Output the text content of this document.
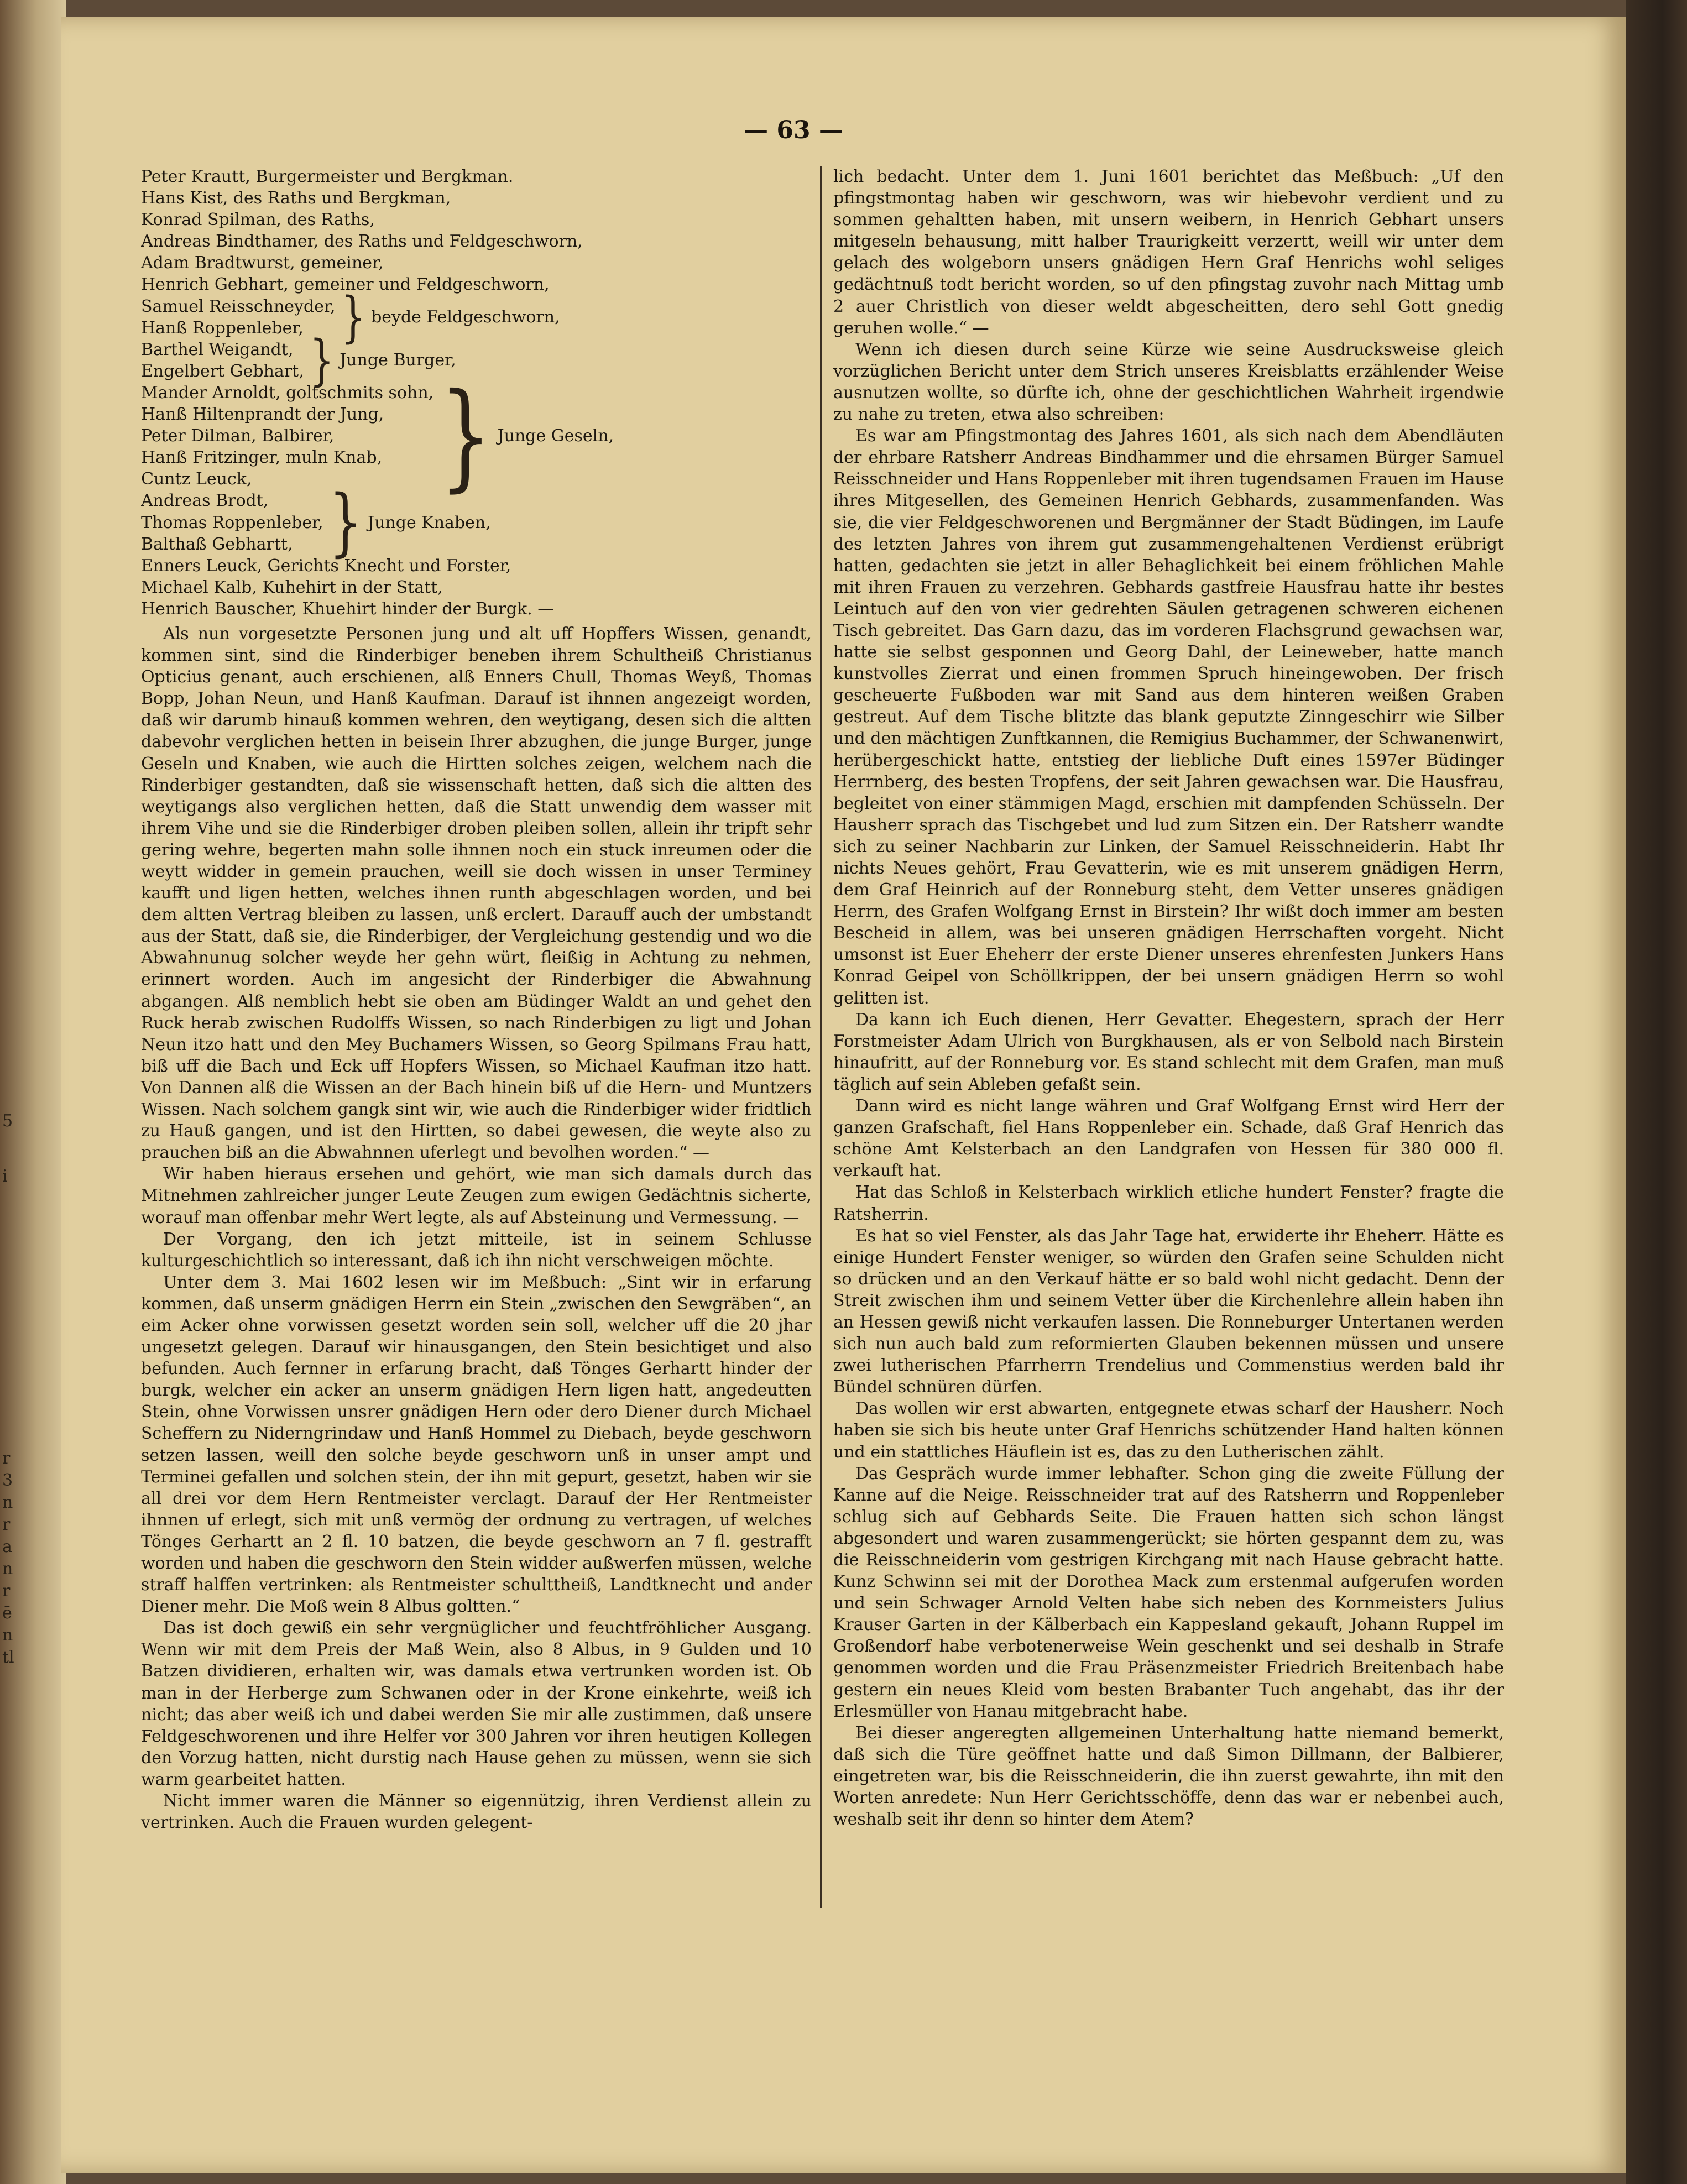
5
i
r
3
n
r
a
n
r
ē
n
tl
— 63 —
Peter Krautt, Burgermeister und Bergkman.
Hans Kist, des Raths und Bergkman,
Konrad Spilman, des Raths,
Andreas Bindthamer, des Raths und Feldgeschworn,
Adam Bradtwurst, gemeiner,
Henrich Gebhart, gemeiner und Feldgeschworn,
Samuel Reisschneyder,
Hanß Roppenleber, } beyde Feldgeschworn,
Barthel Weigandt,
Engelbert Gebhart, } Junge Burger,
Mander Arnoldt, goltschmits sohn,
Hanß Hiltenprandt der Jung,
Peter Dilman, Balbirer,
Hanß Fritzinger, muln Knab,
Cuntz Leuck,	} Junge Geseln,
Andreas Brodt,
Thomas Roppenleber,
Balthaß Gebhartt, } Junge Knaben,
Enners Leuck, Gerichts Knecht und Forster,
Michael Kalb, Kuhehirt in der Statt,
Henrich Bauscher, Khuehirt hinder der Burgk. —

Als nun vorgesetzte Personen jung und alt uff Hopffers Wissen, genandt, kommen sint, sind die Rinderbiger beneben ihrem Schultheiß Christianus Opticius genant, auch erschienen, alß Enners Chull, Thomas Weyß, Thomas Bopp, Johan Neun, und Hanß Kaufman. Darauf ist ihnnen angezeigt worden, daß wir darumb hinauß kommen wehren, den weytigang, desen sich die altten dabevohr verglichen hetten in beisein Ihrer abzughen, die junge Burger, junge Geseln und Knaben, wie auch die Hirtten solches zeigen, welchem nach die Rinderbiger gestandten, daß sie wissenschaft hetten, daß sich die altten des weytigangs also verglichen hetten, daß die Statt unwendig dem wasser mit ihrem Vihe und sie die Rinderbiger droben pleiben sollen, allein ihr tripft sehr gering wehre, begerten mahn solle ihnnen noch ein stuck inreumen oder die weytt widder in gemein prauchen, weill sie doch wissen in unser Termineу kaufft und ligen hetten, welches ihnen runth abgeschlagen worden, und bei dem altten Vertrag bleiben zu lassen, unß erclert. Darauff auch der umbstandt aus der Statt, daß sie, die Rinderbiger, der Vergleichung gestendig und wo die Abwahnunug solcher weyde her gehn würt, fleißig in Achtung zu nehmen, erinnert worden. Auch im angesicht der Rinderbiger die Abwahnung abgangen. Alß nemblich hebt sie oben am Büdinger Waldt an und gehet den Ruck herab zwischen Rudolffs Wissen, so nach Rinderbigen zu ligt und Johan Neun itzo hatt und den Mey Buchamers Wissen, so Georg Spilmans Frau hatt, biß uff die Bach und Eck uff Hopfers Wissen, so Michael Kaufman itzo hatt. Von Dannen alß die Wissen an der Bach hinein biß uf die Hern- und Muntzers Wissen. Nach solchem gangk sint wir, wie auch die Rinderbiger wider fridtlich zu Hauß gangen, und ist den Hirtten, so dabei gewesen, die weyte also zu prauchen biß an die Abwahnnen uferlegt und bevolhen worden.“ —

Wir haben hieraus ersehen und gehört, wie man sich damals durch das Mitnehmen zahlreicher junger Leute Zeugen zum ewigen Gedächtnis sicherte, worauf man offenbar mehr Wert legte, als auf Absteinung und Vermessung. —

Der Vorgang, den ich jetzt mitteile, ist in seinem Schlusse kulturgeschichtlich so interessant, daß ich ihn nicht verschweigen möchte.

Unter dem 3. Mai 1602 lesen wir im Meßbuch: „Sint wir in erfarung kommen, daß unserm gnädigen Herrn ein Stein „zwischen den Sewgräben“, an eim Acker ohne vorwissen gesetzt worden sein soll, welcher uff die 20 jhar ungesetzt gelegen. Darauf wir hinausgangen, den Stein besichtiget und also befunden. Auch fernner in erfarung bracht, daß Tönges Gerhartt hinder der burgk, welcher ein acker an unserm gnädigen Hern ligen hatt, angedeutten Stein, ohne Vorwissen unsrer gnädigen Hern oder dero Diener durch Michael Scheffern zu Niderngrindaw und Hanß Hommel zu Diebach, beyde geschworn setzen lassen, weill den solche beyde geschworn unß in unser ampt und Terminei gefallen und solchen stein, der ihn mit gepurt, gesetzt, haben wir sie all drei vor dem Hern Rentmeister verclagt. Darauf der Her Rentmeister ihnnen uf erlegt, sich mit unß vermög der ordnung zu vertragen, uf welches Tönges Gerhartt an 2 fl. 10 batzen, die beyde geschworn an 7 fl. gestrafft worden und haben die geschworn den Stein widder außwerfen müssen, welche straff halffen vertrinken: als Rentmeister schulttheiß, Landtknecht und ander Diener mehr. Die Moß wein 8 Albus goltten.“

Das ist doch gewiß ein sehr vergnüglicher und feuchtfröhlicher Ausgang. Wenn wir mit dem Preis der Maß Wein, also 8 Albus, in 9 Gulden und 10 Batzen dividieren, erhalten wir, was damals etwa vertrunken worden ist. Ob man in der Herberge zum Schwanen oder in der Krone einkehrte, weiß ich nicht; das aber weiß ich und dabei werden Sie mir alle zustimmen, daß unsere Feldgeschworenen und ihre Helfer vor 300 Jahren vor ihren heutigen Kollegen den Vorzug hatten, nicht durstig nach Hause gehen zu müssen, wenn sie sich warm gearbeitet hatten.

Nicht immer waren die Männer so eigennützig, ihren Verdienst allein zu vertrinken. Auch die Frauen wurden gelegent-

lich bedacht. Unter dem 1. Juni 1601 berichtet das Meßbuch: „Uf den pfingstmontag haben wir geschworn, was wir hiebevohr verdient und zu sommen gehaltten haben, mit unsern weibern, in Henrich Gebhart unsers mitgeseln behausung, mitt halber Traurigkeitt verzertt, weill wir unter dem gelach des wolgeborn unsers gnädigen Hern Graf Henrichs wohl seliges gedächtnuß todt bericht worden, so uf den pfingstag zuvohr nach Mittag umb 2 auer Christlich von dieser weldt abgescheitten, dero sehl Gott gnedig geruhen wolle.“ —

Wenn ich diesen durch seine Kürze wie seine Ausdrucksweise gleich vorzüglichen Bericht unter dem Strich unseres Kreisblatts erzählender Weise ausnutzen wollte, so dürfte ich, ohne der geschichtlichen Wahrheit irgendwie zu nahe zu treten, etwa also schreiben:

Es war am Pfingstmontag des Jahres 1601, als sich nach dem Abendläuten der ehrbare Ratsherr Andreas Bindhammer und die ehrsamen Bürger Samuel Reisschneider und Hans Roppenleber mit ihren tugendsamen Frauen im Hause ihres Mitgesellen, des Gemeinen Henrich Gebhards, zusammenfanden. Was sie, die vier Feldgeschworenen und Bergmänner der Stadt Büdingen, im Laufe des letzten Jahres von ihrem gut zusammengehaltenen Verdienst erübrigt hatten, gedachten sie jetzt in aller Behaglichkeit bei einem fröhlichen Mahle mit ihren Frauen zu verzehren. Gebhards gastfreie Hausfrau hatte ihr bestes Leintuch auf den von vier gedrehten Säulen getragenen schweren eichenen Tisch gebreitet. Das Garn dazu, das im vorderen Flachsgrund gewachsen war, hatte sie selbst gesponnen und Georg Dahl, der Leineweber, hatte manch kunstvolles Zierrat und einen frommen Spruch hineingewoben. Der frisch gescheuerte Fußboden war mit Sand aus dem hinteren weißen Graben gestreut. Auf dem Tische blitzte das blank geputzte Zinngeschirr wie Silber und den mächtigen Zunftkannen, die Remigius Buchammer, der Schwanenwirt, herübergeschickt hatte, entstieg der liebliche Duft eines 1597er Büdinger Herrnberg, des besten Tropfens, der seit Jahren gewachsen war. Die Hausfrau, begleitet von einer stämmigen Magd, erschien mit dampfenden Schüsseln. Der Hausherr sprach das Tischgebet und lud zum Sitzen ein. Der Ratsherr wandte sich zu seiner Nachbarin zur Linken, der Samuel Reisschneiderin. Habt Ihr nichts Neues gehört, Frau Gevatterin, wie es mit unserem gnädigen Herrn, dem Graf Heinrich auf der Ronneburg steht, dem Vetter unseres gnädigen Herrn, des Grafen Wolfgang Ernst in Birstein? Ihr wißt doch immer am besten Bescheid in allem, was bei unseren gnädigen Herrschaften vorgeht. Nicht umsonst ist Euer Eheherr der erste Diener unseres ehrenfesten Junkers Hans Konrad Geipel von Schöllkrippen, der bei unsern gnädigen Herrn so wohl gelitten ist.

Da kann ich Euch dienen, Herr Gevatter. Ehegestern, sprach der Herr Forstmeister Adam Ulrich von Burgkhausen, als er von Selbold nach Birstein hinaufritt, auf der Ronneburg vor. Es stand schlecht mit dem Grafen, man muß täglich auf sein Ableben gefaßt sein.

Dann wird es nicht lange währen und Graf Wolfgang Ernst wird Herr der ganzen Grafschaft, fiel Hans Roppenleber ein. Schade, daß Graf Henrich das schöne Amt Kelsterbach an den Landgrafen von Hessen für 380 000 fl. verkauft hat.

Hat das Schloß in Kelsterbach wirklich etliche hundert Fenster? fragte die Ratsherrin.

Es hat so viel Fenster, als das Jahr Tage hat, erwiderte ihr Eheherr. Hätte es einige Hundert Fenster weniger, so würden den Grafen seine Schulden nicht so drücken und an den Verkauf hätte er so bald wohl nicht gedacht. Denn der Streit zwischen ihm und seinem Vetter über die Kirchenlehre allein haben ihn an Hessen gewiß nicht verkaufen lassen. Die Ronneburger Untertanen werden sich nun auch bald zum reformierten Glauben bekennen müssen und unsere zwei lutherischen Pfarrherrn Trendelius und Commenstius werden bald ihr Bündel schnüren dürfen.

Das wollen wir erst abwarten, entgegnete etwas scharf der Hausherr. Noch haben sie sich bis heute unter Graf Henrichs schützender Hand halten können und ein stattliches Häuflein ist es, das zu den Lutherischen zählt.

Das Gespräch wurde immer lebhafter. Schon ging die zweite Füllung der Kanne auf die Neige. Reisschneider trat auf des Ratsherrn und Roppenleber schlug sich auf Gebhards Seite. Die Frauen hatten sich schon längst abgesondert und waren zusammengerückt; sie hörten gespannt dem zu, was die Reisschneiderin vom gestrigen Kirchgang mit nach Hause gebracht hatte. Kunz Schwinn sei mit der Dorothea Mack zum erstenmal aufgerufen worden und sein Schwager Arnold Velten habe sich neben des Kornmeisters Julius Krauser Garten in der Kälberbach ein Kappesland gekauft, Johann Ruppel im Großendorf habe verbotenerweise Wein geschenkt und sei deshalb in Strafe genommen worden und die Frau Präsenzmeister Friedrich Breitenbach habe gestern ein neues Kleid vom besten Brabanter Tuch angehabt, das ihr der Erlesmüller von Hanau mitgebracht habe.

Bei dieser angeregten allgemeinen Unterhaltung hatte niemand bemerkt, daß sich die Türe geöffnet hatte und daß Simon Dillmann, der Balbierer, eingetreten war, bis die Reisschneiderin, die ihn zuerst gewahrte, ihn mit den Worten anredete: Nun Herr Gerichtsschöffe, denn das war er nebenbei auch, weshalb seit ihr denn so hinter dem Atem?
